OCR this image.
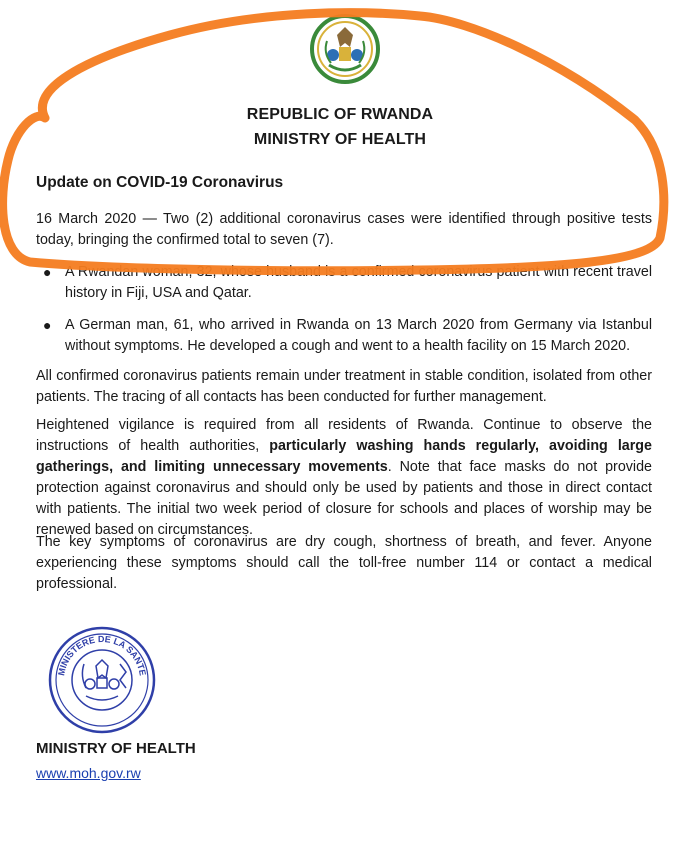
REPUBLIC OF RWANDA
MINISTRY OF HEALTH
Update on COVID-19 Coronavirus
16 March 2020 — Two (2) additional coronavirus cases were identified through positive tests today, bringing the confirmed total to seven (7).
● A Rwandan woman, 32, whose husband is a confirmed coronavirus patient with recent travel history in Fiji, USA and Qatar.
● A German man, 61, who arrived in Rwanda on 13 March 2020 from Germany via Istanbul without symptoms. He developed a cough and went to a health facility on 15 March 2020.
All confirmed coronavirus patients remain under treatment in stable condition, isolated from other patients. The tracing of all contacts has been conducted for further management.
Heightened vigilance is required from all residents of Rwanda. Continue to observe the instructions of health authorities, particularly washing hands regularly, avoiding large gatherings, and limiting unnecessary movements. Note that face masks do not provide protection against coronavirus and should only be used by patients and those in direct contact with patients. The initial two week period of closure for schools and places of worship may be renewed based on circumstances.
The key symptoms of coronavirus are dry cough, shortness of breath, and fever. Anyone experiencing these symptoms should call the toll-free number 114 or contact a medical professional.
MINISTERE DE LA SANTE
MINISTRY OF HEALTH
www.moh.gov.rw
